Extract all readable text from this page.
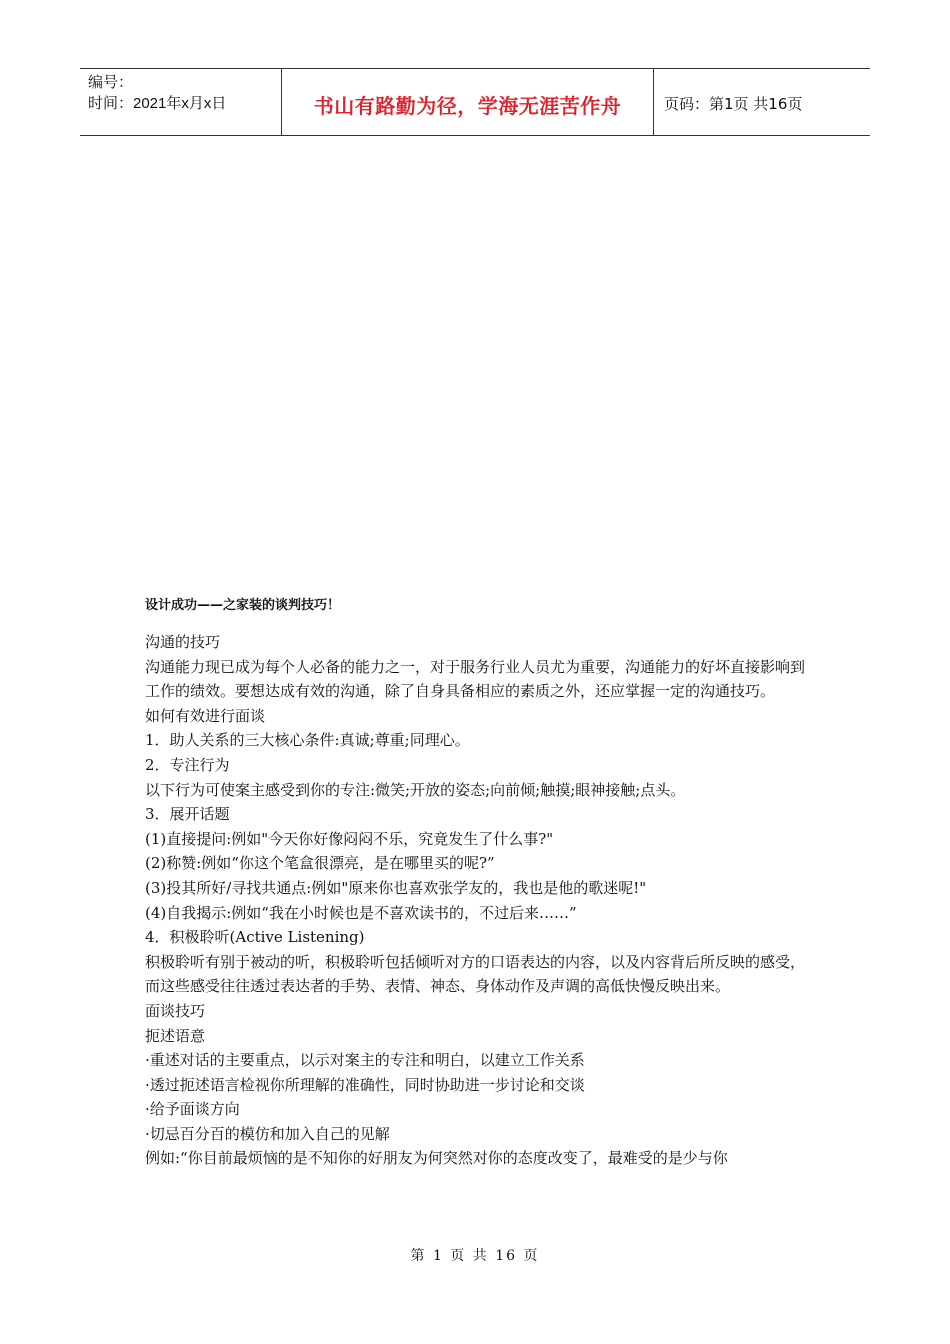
编号：
时间：2021年x月x日	书山有路勤为径，学海无涯苦作舟	页码：第1页 共16页
设计成功——之家装的谈判技巧！

沟通的技巧

沟通能力现已成为每个人必备的能力之一，对于服务行业人员尤为重要，沟通能力的好坏直接影响到工作的绩效。要想达成有效的沟通，除了自身具备相应的素质之外，还应掌握一定的沟通技巧。

如何有效进行面谈

1．助人关系的三大核心条件:真诚;尊重;同理心。

2．专注行为

以下行为可使案主感受到你的专注:微笑;开放的姿态;向前倾;触摸;眼神接触;点头。

3．展开话题

(1)直接提问:例如"今天你好像闷闷不乐，究竟发生了什么事?"

(2)称赞:例如“你这个笔盒很漂亮，是在哪里买的呢?”

(3)投其所好/寻找共通点:例如"原来你也喜欢张学友的，我也是他的歌迷呢!"

(4)自我揭示:例如“我在小时候也是不喜欢读书的，不过后来……”

4．积极聆听(Active Listening)

积极聆听有别于被动的听，积极聆听包括倾听对方的口语表达的内容，以及内容背后所反映的感受，而这些感受往往透过表达者的手势、表情、神态、身体动作及声调的高低快慢反映出来。

面谈技巧

扼述语意

·重述对话的主要重点，以示对案主的专注和明白，以建立工作关系

·透过扼述语言检视你所理解的准确性，同时协助进一步讨论和交谈

·给予面谈方向

·切忌百分百的模仿和加入自己的见解

例如:“你目前最烦恼的是不知你的好朋友为何突然对你的态度改变了，最难受的是少与你

第 1 页 共 16 页
